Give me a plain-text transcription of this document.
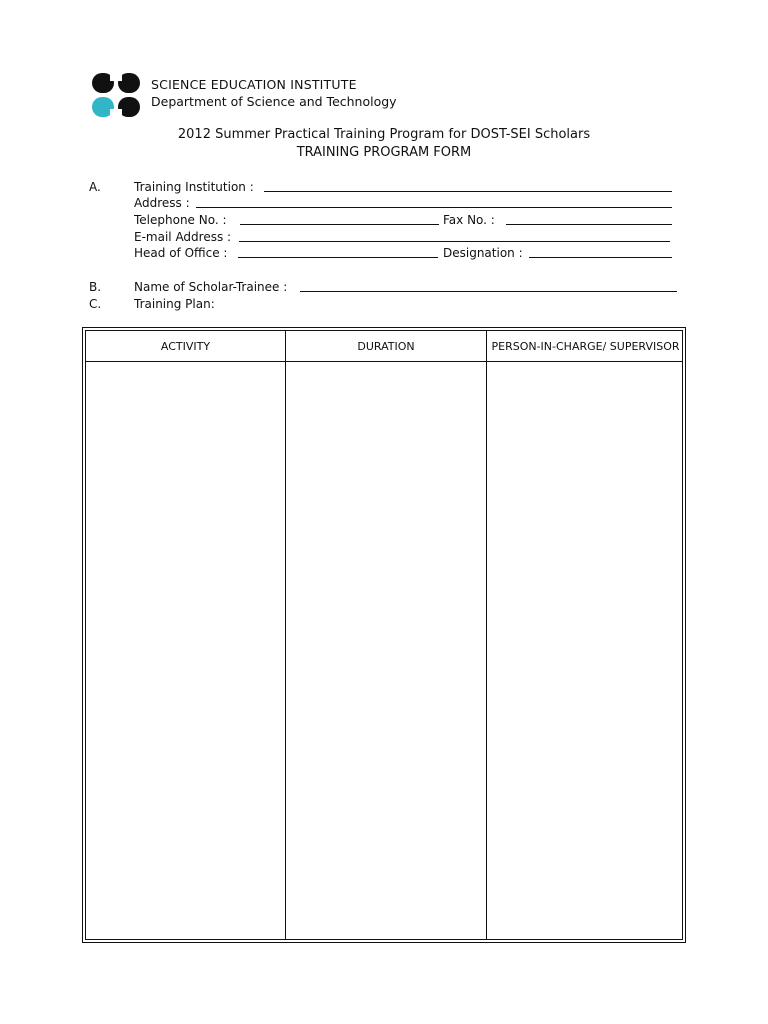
SCIENCE EDUCATION INSTITUTE
Department of Science and Technology
2012 Summer Practical Training Program for DOST-SEI Scholars
TRAINING PROGRAM FORM
A.	Training Institution :
Address :
Telephone No. :	Fax No. :
E-mail Address :
Head of Office :	Designation :
B.	Name of Scholar-Trainee :
C.	Training Plan:
ACTIVITY	DURATION	PERSON-IN-CHARGE/ SUPERVISOR
